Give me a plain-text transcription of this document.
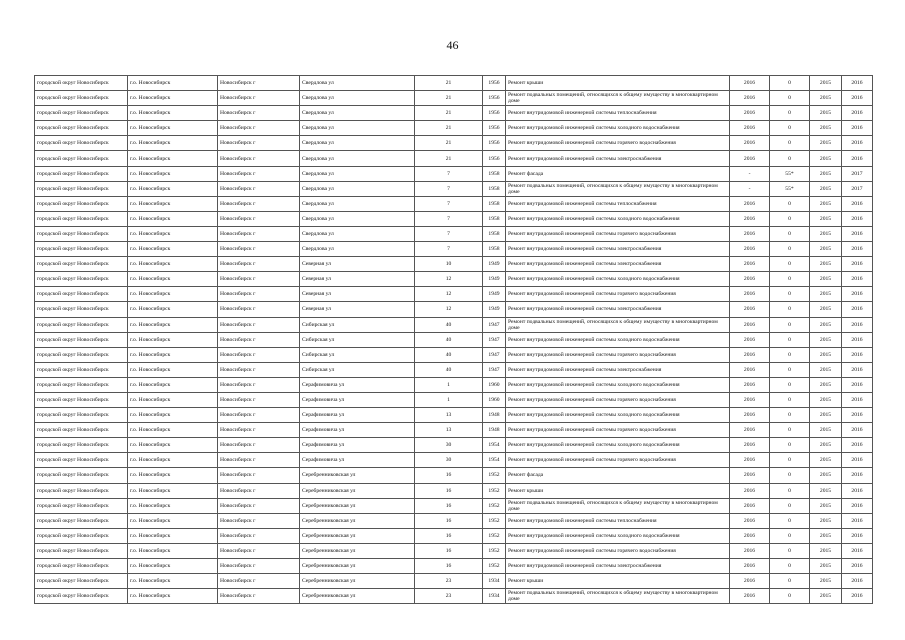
46
городской округ Новосибирск	г.о. Новосибирск	Новосибирск г	Свердлова ул	21	1956	Ремонт крыши	2016	0	2015	2016
городской округ Новосибирск	г.о. Новосибирск	Новосибирск г	Свердлова ул	21	1956	Ремонт подвальных помещений, относящихся к общему имуществу в многоквартирном доме	2016	0	2015	2016
городской округ Новосибирск	г.о. Новосибирск	Новосибирск г	Свердлова ул	21	1956	Ремонт внутридомовой инженерной системы теплоснабжения	2016	0	2015	2016
городской округ Новосибирск	г.о. Новосибирск	Новосибирск г	Свердлова ул	21	1956	Ремонт внутридомовой инженерной системы холодного водоснабжения	2016	0	2015	2016
городской округ Новосибирск	г.о. Новосибирск	Новосибирск г	Свердлова ул	21	1956	Ремонт внутридомовой инженерной системы горячего водоснабжения	2016	0	2015	2016
городской округ Новосибирск	г.о. Новосибирск	Новосибирск г	Свердлова ул	21	1956	Ремонт внутридомовой инженерной системы электроснабжения	2016	0	2015	2016
городской округ Новосибирск	г.о. Новосибирск	Новосибирск г	Свердлова ул	7	1958	Ремонт фасада	-	55*	2015	2017
городской округ Новосибирск	г.о. Новосибирск	Новосибирск г	Свердлова ул	7	1958	Ремонт подвальных помещений, относящихся к общему имуществу в многоквартирном доме	-	55*	2015	2017
городской округ Новосибирск	г.о. Новосибирск	Новосибирск г	Свердлова ул	7	1958	Ремонт внутридомовой инженерной системы теплоснабжения	2016	0	2015	2016
городской округ Новосибирск	г.о. Новосибирск	Новосибирск г	Свердлова ул	7	1958	Ремонт внутридомовой инженерной системы холодного водоснабжения	2016	0	2015	2016
городской округ Новосибирск	г.о. Новосибирск	Новосибирск г	Свердлова ул	7	1958	Ремонт внутридомовой инженерной системы горячего водоснабжения	2016	0	2015	2016
городской округ Новосибирск	г.о. Новосибирск	Новосибирск г	Свердлова ул	7	1958	Ремонт внутридомовой инженерной системы электроснабжения	2016	0	2015	2016
городской округ Новосибирск	г.о. Новосибирск	Новосибирск г	Северная ул	10	1949	Ремонт внутридомовой инженерной системы электроснабжения	2016	0	2015	2016
городской округ Новосибирск	г.о. Новосибирск	Новосибирск г	Северная ул	12	1949	Ремонт внутридомовой инженерной системы холодного водоснабжения	2016	0	2015	2016
городской округ Новосибирск	г.о. Новосибирск	Новосибирск г	Северная ул	12	1949	Ремонт внутридомовой инженерной системы горячего водоснабжения	2016	0	2015	2016
городской округ Новосибирск	г.о. Новосибирск	Новосибирск г	Северная ул	12	1949	Ремонт внутридомовой инженерной системы электроснабжения	2016	0	2015	2016
городской округ Новосибирск	г.о. Новосибирск	Новосибирск г	Сибирская ул	40	1947	Ремонт подвальных помещений, относящихся к общему имуществу в многоквартирном доме	2016	0	2015	2016
городской округ Новосибирск	г.о. Новосибирск	Новосибирск г	Сибирская ул	40	1947	Ремонт внутридомовой инженерной системы холодного водоснабжения	2016	0	2015	2016
городской округ Новосибирск	г.о. Новосибирск	Новосибирск г	Сибирская ул	40	1947	Ремонт внутридомовой инженерной системы горячего водоснабжения	2016	0	2015	2016
городской округ Новосибирск	г.о. Новосибирск	Новосибирск г	Сибирская ул	40	1947	Ремонт внутридомовой инженерной системы электроснабжения	2016	0	2015	2016
городской округ Новосибирск	г.о. Новосибирск	Новосибирск г	Серафимовича ул	1	1960	Ремонт внутридомовой инженерной системы холодного водоснабжения	2016	0	2015	2016
городской округ Новосибирск	г.о. Новосибирск	Новосибирск г	Серафимовича ул	1	1960	Ремонт внутридомовой инженерной системы горячего водоснабжения	2016	0	2015	2016
городской округ Новосибирск	г.о. Новосибирск	Новосибирск г	Серафимовича ул	13	1948	Ремонт внутридомовой инженерной системы холодного водоснабжения	2016	0	2015	2016
городской округ Новосибирск	г.о. Новосибирск	Новосибирск г	Серафимовича ул	13	1948	Ремонт внутридомовой инженерной системы горячего водоснабжения	2016	0	2015	2016
городской округ Новосибирск	г.о. Новосибирск	Новосибирск г	Серафимовича ул	30	1954	Ремонт внутридомовой инженерной системы холодного водоснабжения	2016	0	2015	2016
городской округ Новосибирск	г.о. Новосибирск	Новосибирск г	Серафимовича ул	30	1954	Ремонт внутридомовой инженерной системы горячего водоснабжения	2016	0	2015	2016
городской округ Новосибирск	г.о. Новосибирск	Новосибирск г	Серебренниковская ул	16	1952	Ремонт фасада	2016	0	2015	2016
городской округ Новосибирск	г.о. Новосибирск	Новосибирск г	Серебренниковская ул	16	1952	Ремонт крыши	2016	0	2015	2016
городской округ Новосибирск	г.о. Новосибирск	Новосибирск г	Серебренниковская ул	16	1952	Ремонт подвальных помещений, относящихся к общему имуществу в многоквартирном доме	2016	0	2015	2016
городской округ Новосибирск	г.о. Новосибирск	Новосибирск г	Серебренниковская ул	16	1952	Ремонт внутридомовой инженерной системы теплоснабжения	2016	0	2015	2016
городской округ Новосибирск	г.о. Новосибирск	Новосибирск г	Серебренниковская ул	16	1952	Ремонт внутридомовой инженерной системы холодного водоснабжения	2016	0	2015	2016
городской округ Новосибирск	г.о. Новосибирск	Новосибирск г	Серебренниковская ул	16	1952	Ремонт внутридомовой инженерной системы горячего водоснабжения	2016	0	2015	2016
городской округ Новосибирск	г.о. Новосибирск	Новосибирск г	Серебренниковская ул	16	1952	Ремонт внутридомовой инженерной системы электроснабжения	2016	0	2015	2016
городской округ Новосибирск	г.о. Новосибирск	Новосибирск г	Серебренниковская ул	23	1934	Ремонт крыши	2016	0	2015	2016
городской округ Новосибирск	г.о. Новосибирск	Новосибирск г	Серебренниковская ул	23	1934	Ремонт подвальных помещений, относящихся к общему имуществу в многоквартирном доме	2016	0	2015	2016
